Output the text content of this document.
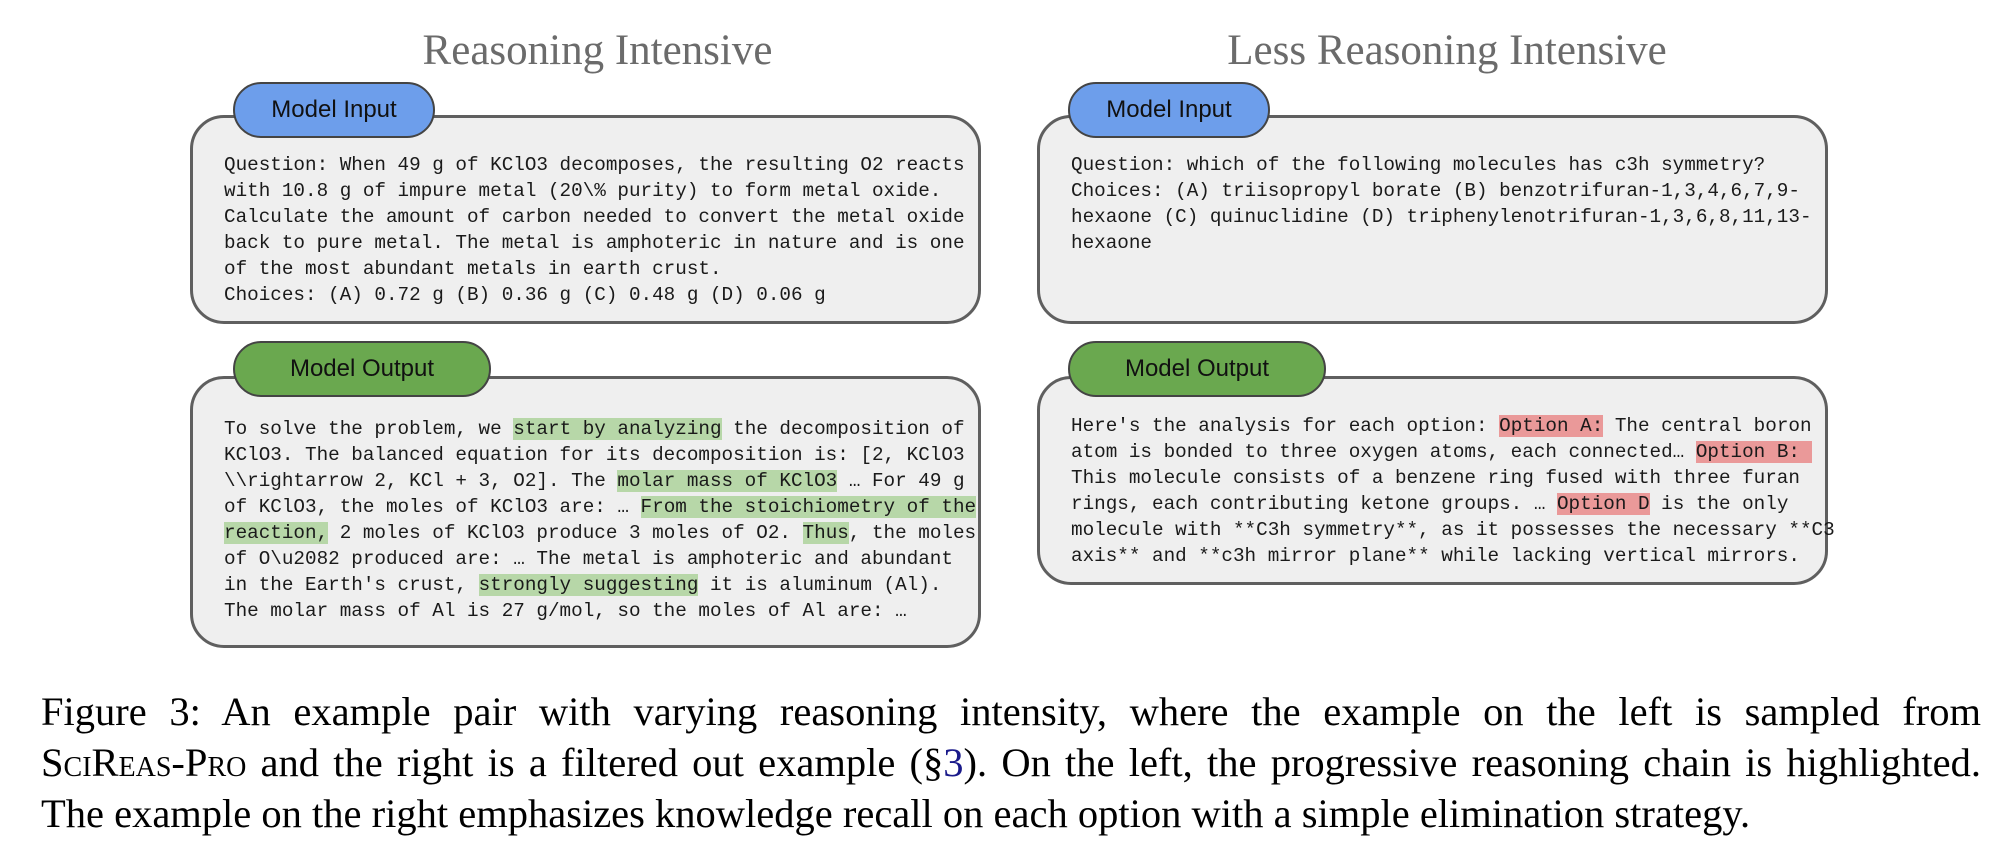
Reasoning Intensive	Less Reasoning Intensive
Question: When 49 g of KClO3 decomposes, the resulting O2 reacts
with 10.8 g of impure metal (20\% purity) to form metal oxide.
Calculate the amount of carbon needed to convert the metal oxide
back to pure metal. The metal is amphoteric in nature and is one
of the most abundant metals in earth crust.
Choices: (A) 0.72 g (B) 0.36 g (C) 0.48 g (D) 0.06 g
Model Input
To solve the problem, we start by analyzing the decomposition of
KClO3. The balanced equation for its decomposition is: [2, KClO3
\\rightarrow 2, KCl + 3, O2]. The molar mass of KClO3 … For 49 g
of KClO3, the moles of KClO3 are: … From the stoichiometry of the
reaction, 2 moles of KClO3 produce 3 moles of O2. Thus, the moles
of O\u2082 produced are: … The metal is amphoteric and abundant
in the Earth's crust, strongly suggesting it is aluminum (Al).
The molar mass of Al is 27 g/mol, so the moles of Al are: …
Model Output
Question: which of the following molecules has c3h symmetry?
Choices: (A) triisopropyl borate (B) benzotrifuran-1,3,4,6,7,9-
hexaone (C) quinuclidine (D) triphenylenotrifuran-1,3,6,8,11,13-
hexaone
Model Input
Here's the analysis for each option: Option A: The central boron
atom is bonded to three oxygen atoms, each connected… Option B:
This molecule consists of a benzene ring fused with three furan
rings, each contributing ketone groups. … Option D is the only
molecule with **C3h symmetry**, as it possesses the necessary **C3
axis** and **c3h mirror plane** while lacking vertical mirrors.
Model Output
Figure 3: An example pair with varying reasoning intensity, where the example on the left is sampled from
SciReas-Pro and the right is a filtered out example (§3). On the left, the progressive reasoning chain is highlighted.
The example on the right emphasizes knowledge recall on each option with a simple elimination strategy.
